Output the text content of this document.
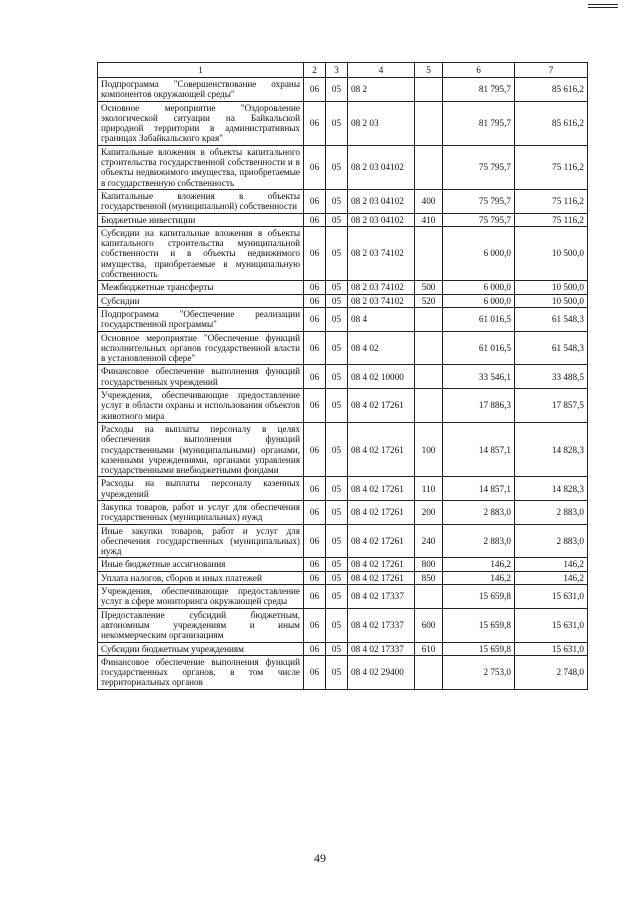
1	2	3	4	5	6	7
Подпрограмма "Совершенствование охраны компонентов окружающей среды"	06	05	08 2		81 795,7	85 616,2
Основное мероприятие "Оздоровление экологической ситуации на Байкальской природной территории в административных границах Забайкальского края"	06	05	08 2 03		81 795,7	85 616,2
Капитальные вложения в объекты капитального строительства государственной собственности и в объекты недвижимого имущества, приобретаемые в государственную собственность	06	05	08 2 03 04102		75 795,7	75 116,2
Капитальные вложения в объекты государственной (муниципальной) собственности	06	05	08 2 03 04102	400	75 795,7	75 116,2
Бюджетные инвестиции	06	05	08 2 03 04102	410	75 795,7	75 116,2
Субсидии на капитальные вложения в объекты капитального строительства муниципальной собственности и в объекты недвижимого имущества, приобретаемые в муниципальную собственность	06	05	08 2 03 74102		6 000,0	10 500,0
Межбюджетные трансферты	06	05	08 2 03 74102	500	6 000,0	10 500,0
Субсидии	06	05	08 2 03 74102	520	6 000,0	10 500,0
Подпрограмма "Обеспечение реализации государственной программы"	06	05	08 4		61 016,5	61 548,3
Основное мероприятие "Обеспечение функций исполнительных органов государственной власти в установленной сфере"	06	05	08 4 02		61 016,5	61 548,3
Финансовое обеспечение выполнения функций государственных учреждений	06	05	08 4 02 10000		33 546,1	33 488,5
Учреждения, обеспечивающие предоставление услуг в области охраны и использования объектов животного мира	06	05	08 4 02 17261		17 886,3	17 857,5
Расходы на выплаты персоналу в целях обеспечения выполнения функций государственными (муниципальными) органами, казенными учреждениями, органами управления государственными внебюджетными фондами	06	05	08 4 02 17261	100	14 857,1	14 828,3
Расходы на выплаты персоналу казенных учреждений	06	05	08 4 02 17261	110	14 857,1	14 828,3
Закупка товаров, работ и услуг для обеспечения государственных (муниципальных) нужд	06	05	08 4 02 17261	200	2 883,0	2 883,0
Иные закупки товаров, работ и услуг для обеспечения государственных (муниципальных) нужд	06	05	08 4 02 17261	240	2 883,0	2 883,0
Иные бюджетные ассигнования	06	05	08 4 02 17261	800	146,2	146,2
Уплата налогов, сборов и иных платежей	06	05	08 4 02 17261	850	146,2	146,2
Учреждения, обеспечивающие предоставление услуг в сфере мониторинга окружающей среды	06	05	08 4 02 17337		15 659,8	15 631,0
Предоставление субсидий бюджетным, автономным учреждениям и иным некоммерческим организациям	06	05	08 4 02 17337	600	15 659,8	15 631,0
Субсидии бюджетным учреждениям	06	05	08 4 02 17337	610	15 659,8	15 631,0
Финансовое обеспечение выполнения функций государственных органов, в том числе территориальных органов	06	05	08 4 02 29400		2 753,0	2 748,0
49
